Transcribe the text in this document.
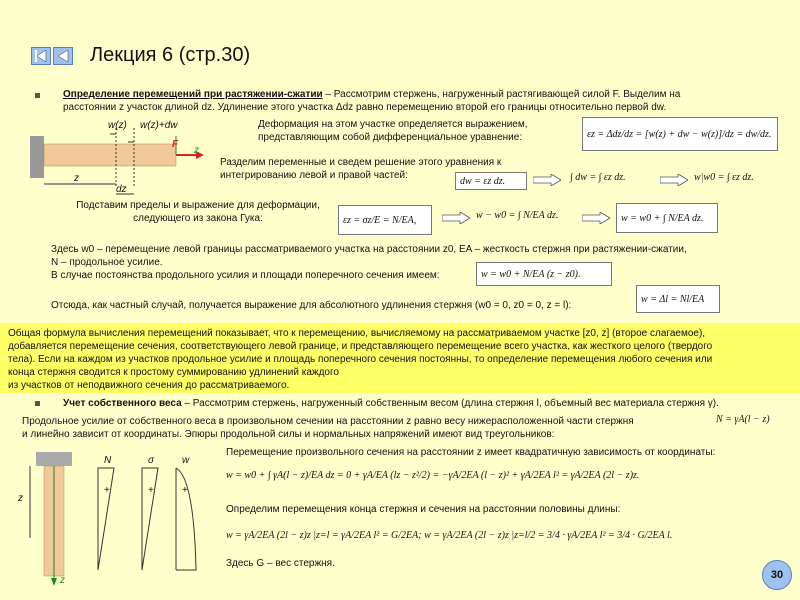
Лекция 6 (стр.30)
Определение перемещений при растяжении-сжатии – Рассмотрим стержень, нагруженный растягивающей силой F. Выделим на
расстоянии z участок длиной dz. Удлинение этого участка Δdz равно перемещению второй его границы относительно первой dw.
w(z) w(z)+dw
F
z
z
dz
Деформация на этом участке определяется выражением, представляющим собой дифференциальное уравнение:	εz = Δdz/dz = [w(z) + dw − w(z)]/dz = dw/dz.
Разделим переменные и сведем решение этого уравнения к интегрированию левой и правой частей:	dw = εz dz.	∫ dw = ∫ εz dz.	w|w0 = ∫ εz dz.
Подставим пределы и выражение для деформации, следующего из закона Гука:	εz = σz/E = N/EA,	w − w0 = ∫ N/EA dz.	w = w0 + ∫ N/EA dz.
Здесь w0 – перемещение левой границы рассматриваемого участка на расстоянии z0, EA – жесткость стержня при растяжении-сжатии,
N – продольное усилие.
В случае постоянства продольного усилия и площади поперечного сечения имеем:	w = w0 + N/EA (z − z0).
Отсюда, как частный случай, получается выражение для абсолютного удлинения стержня (w0 = 0, z0 = 0, z = l):
w = Δl = Nl/EA
Общая формула вычисления перемещений показывает, что к перемещению, вычисляемому на рассматриваемом участке [z0, z] (второе слагаемое),
добавляется перемещение сечения, соответствующего левой границе, и представляющего перемещение всего участка, как жесткого целого (твердого
тела). Если на каждом из участков продольное усилие и площадь поперечного сечения постоянны, то определение перемещения любого сечения или
конца стержня сводится к простому суммированию удлинений каждого
из участков от неподвижного сечения до рассматриваемого.
Учет собственного веса – Рассмотрим стержень, нагруженный собственным весом (длина стержня l, объемный вес материала стержня γ).
Продольное усилие от собственного веса в произвольном сечении на расстоянии z равно весу нижерасположенной части стержня	N = γA(l − z)
и линейно зависит от координаты. Эпюры продольной силы и нормальных напряжений имеют вид треугольников:
z
z
N	σ	w
+	+	+
Перемещение произвольного сечения на расстоянии z имеет квадратичную зависимость от координаты:
w = w0 + ∫ γA(l − z)/EA dz = 0 + γA/EA (lz − z²/2) = −γA/2EA (l − z)² + γA/2EA l² = γA/2EA (2l − z)z.
Определим перемещения конца стержня и сечения на расстоянии половины длины:
w = γA/2EA (2l − z)z |z=l = γA/2EA l² = G/2EA; w = γA/2EA (2l − z)z |z=l/2 = 3/4 · γA/2EA l² = 3/4 · G/2EA l.
Здесь G – вес стержня.
30
